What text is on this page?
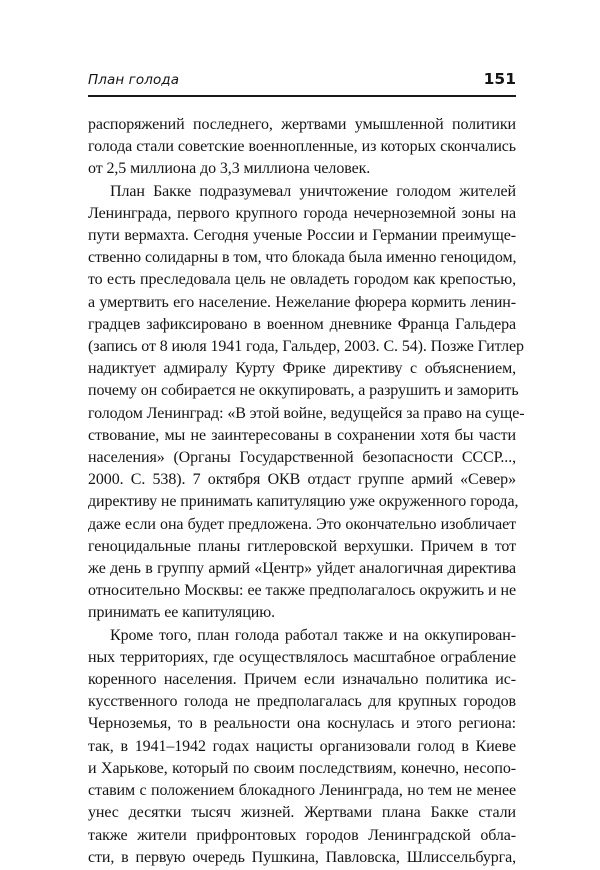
План голода	151

распоряжений последнего, жертвами умышленной политики
голода стали советские военнопленные, из которых скончались
от 2,5 миллиона до 3,3 миллиона человек.

План Бакке подразумевал уничтожение голодом жителей
Ленинграда, первого крупного города нечерноземной зоны на
пути вермахта. Сегодня ученые России и Германии преимуще-
ственно солидарны в том, что блокада была именно геноцидом,
то есть преследовала цель не овладеть городом как крепостью,
а умертвить его население. Нежелание фюрера кормить ленин-
градцев зафиксировано в военном дневнике Франца Гальдера
(запись от 8 июля 1941 года, Гальдер, 2003. С. 54). Позже Гитлер
надиктует адмиралу Курту Фрике директиву с объяснением,
почему он собирается не оккупировать, а разрушить и заморить
голодом Ленинград: «В этой войне, ведущейся за право на суще-
ствование, мы не заинтересованы в сохранении хотя бы части
населения» (Органы Государственной безопасности СССР...,
2000. С. 538). 7 октября ОКВ отдаст группе армий «Север»
директиву не принимать капитуляцию уже окруженного города,
даже если она будет предложена. Это окончательно изобличает
геноцидальные планы гитлеровской верхушки. Причем в тот
же день в группу армий «Центр» уйдет аналогичная директива
относительно Москвы: ее также предполагалось окружить и не
принимать ее капитуляцию.

Кроме того, план голода работал также и на оккупирован-
ных территориях, где осуществлялось масштабное ограбление
коренного населения. Причем если изначально политика ис-
кусственного голода не предполагалась для крупных городов
Черноземья, то в реальности она коснулась и этого региона:
так, в 1941–1942 годах нацисты организовали голод в Киеве
и Харькове, который по своим последствиям, конечно, несопо-
ставим с положением блокадного Ленинграда, но тем не менее
унес десятки тысяч жизней. Жертвами плана Бакке стали
также жители прифронтовых городов Ленинградской обла-
сти, в первую очередь Пушкина, Павловска, Шлиссельбурга,
